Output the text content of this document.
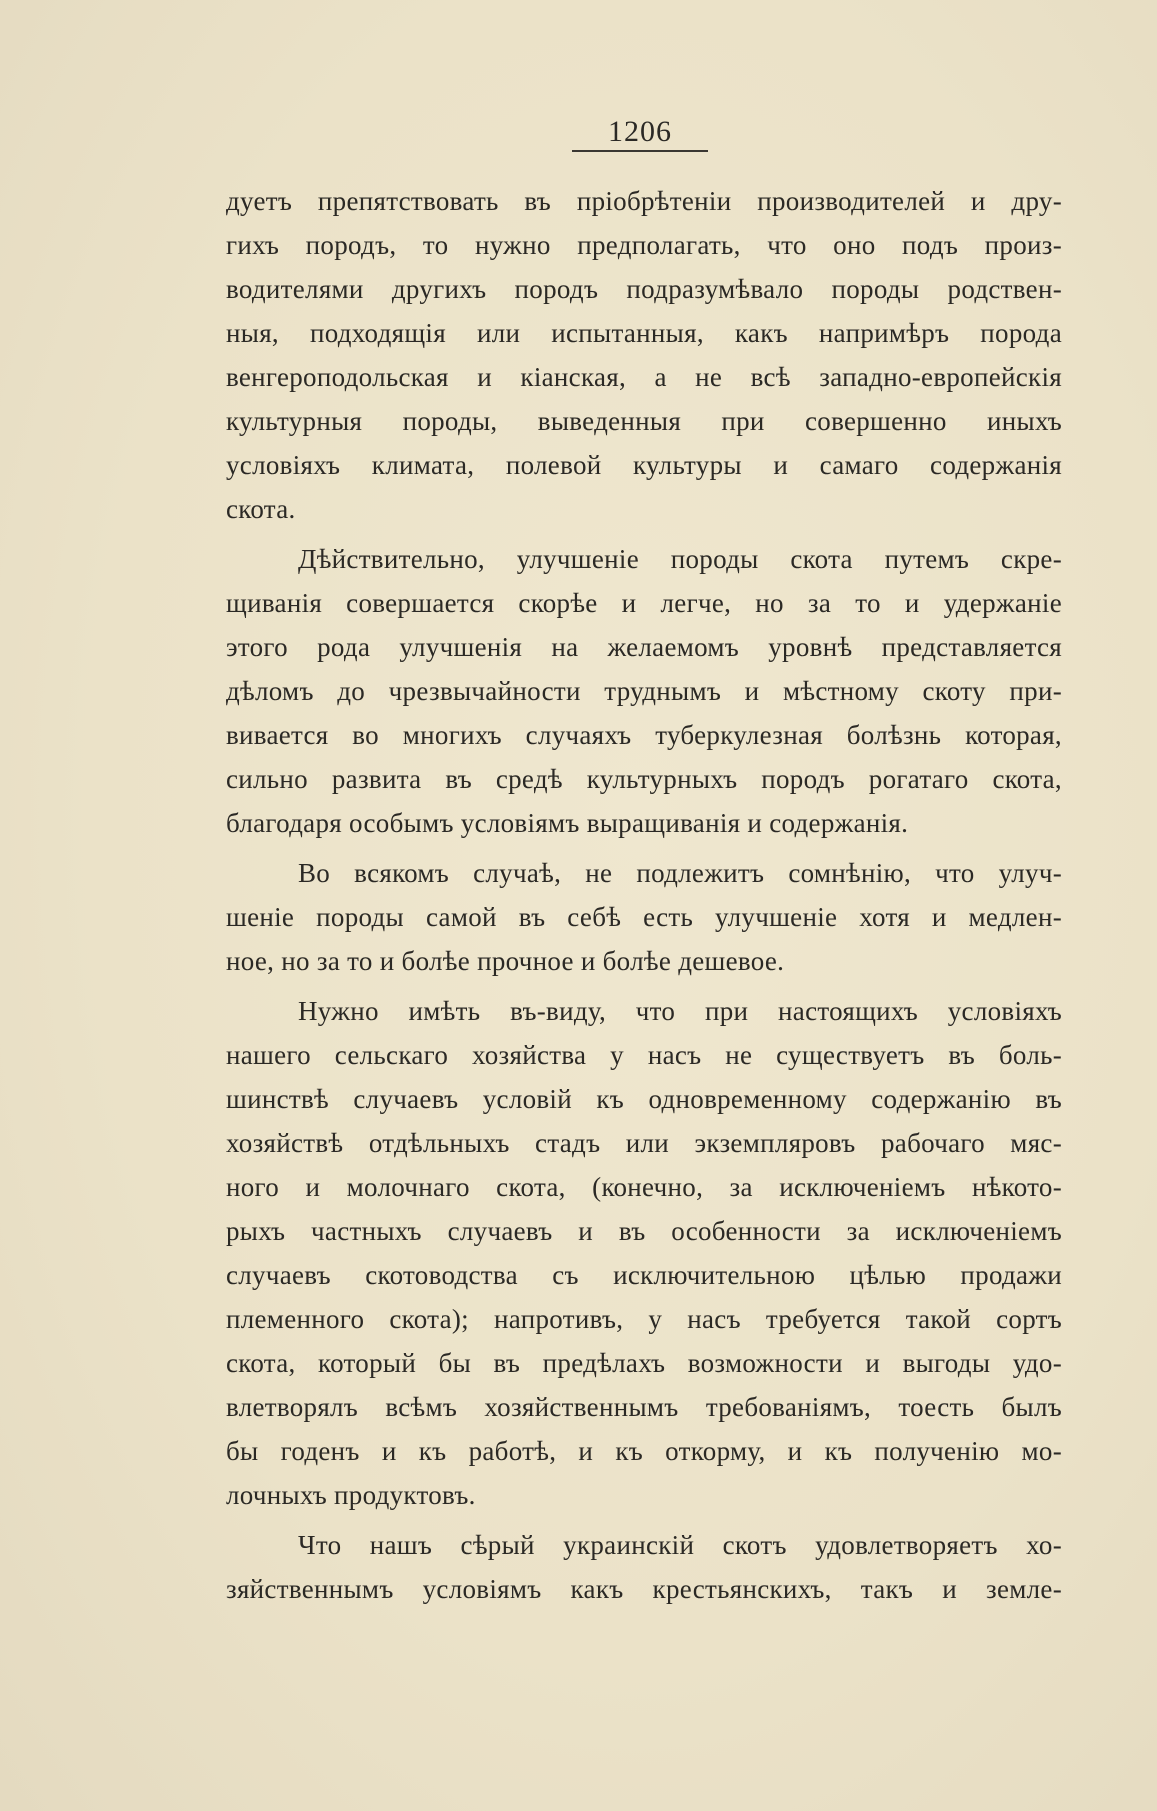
1206
дуетъ препятствовать въ пріобрѣтеніи производителей и дру-
гихъ породъ, то нужно предполагать, что оно подъ произ-
водителями другихъ породъ подразумѣвало породы родствен-
ныя, подходящія или испытанныя, какъ напримѣръ порода
венгероподольская и кіанская, а не всѣ западно-европейскія
культурныя породы, выведенныя при совершенно иныхъ
условіяхъ климата, полевой культуры и самаго содержанія
скота.
Дѣйствительно, улучшеніе породы скота путемъ скре-
щиванія совершается скорѣе и легче, но за то и удержаніе
этого рода улучшенія на желаемомъ уровнѣ представляется
дѣломъ до чрезвычайности труднымъ и мѣстному скоту при-
вивается во многихъ случаяхъ туберкулезная болѣзнь которая,
сильно развита въ средѣ культурныхъ породъ рогатаго скота,
благодаря особымъ условіямъ выращиванія и содержанія.
Во всякомъ случаѣ, не подлежитъ сомнѣнію, что улуч-
шеніе породы самой въ себѣ есть улучшеніе хотя и медлен-
ное, но за то и болѣе прочное и болѣе дешевое.
Нужно имѣть въ-виду, что при настоящихъ условіяхъ
нашего сельскаго хозяйства у насъ не существуетъ въ боль-
шинствѣ случаевъ условій къ одновременному содержанію въ
хозяйствѣ отдѣльныхъ стадъ или экземпляровъ рабочаго мяс-
ного и молочнаго скота, (конечно, за исключеніемъ нѣкото-
рыхъ частныхъ случаевъ и въ особенности за исключеніемъ
случаевъ скотоводства съ исключительною цѣлью продажи
племенного скота); напротивъ, у насъ требуется такой сортъ
скота, который бы въ предѣлахъ возможности и выгоды удо-
влетворялъ всѣмъ хозяйственнымъ требованіямъ, тоесть былъ
бы годенъ и къ работѣ, и къ откорму, и къ полученію мо-
лочныхъ продуктовъ.
Что нашъ сѣрый украинскій скотъ удовлетворяетъ хо-
зяйственнымъ условіямъ какъ крестьянскихъ, такъ и земле-
